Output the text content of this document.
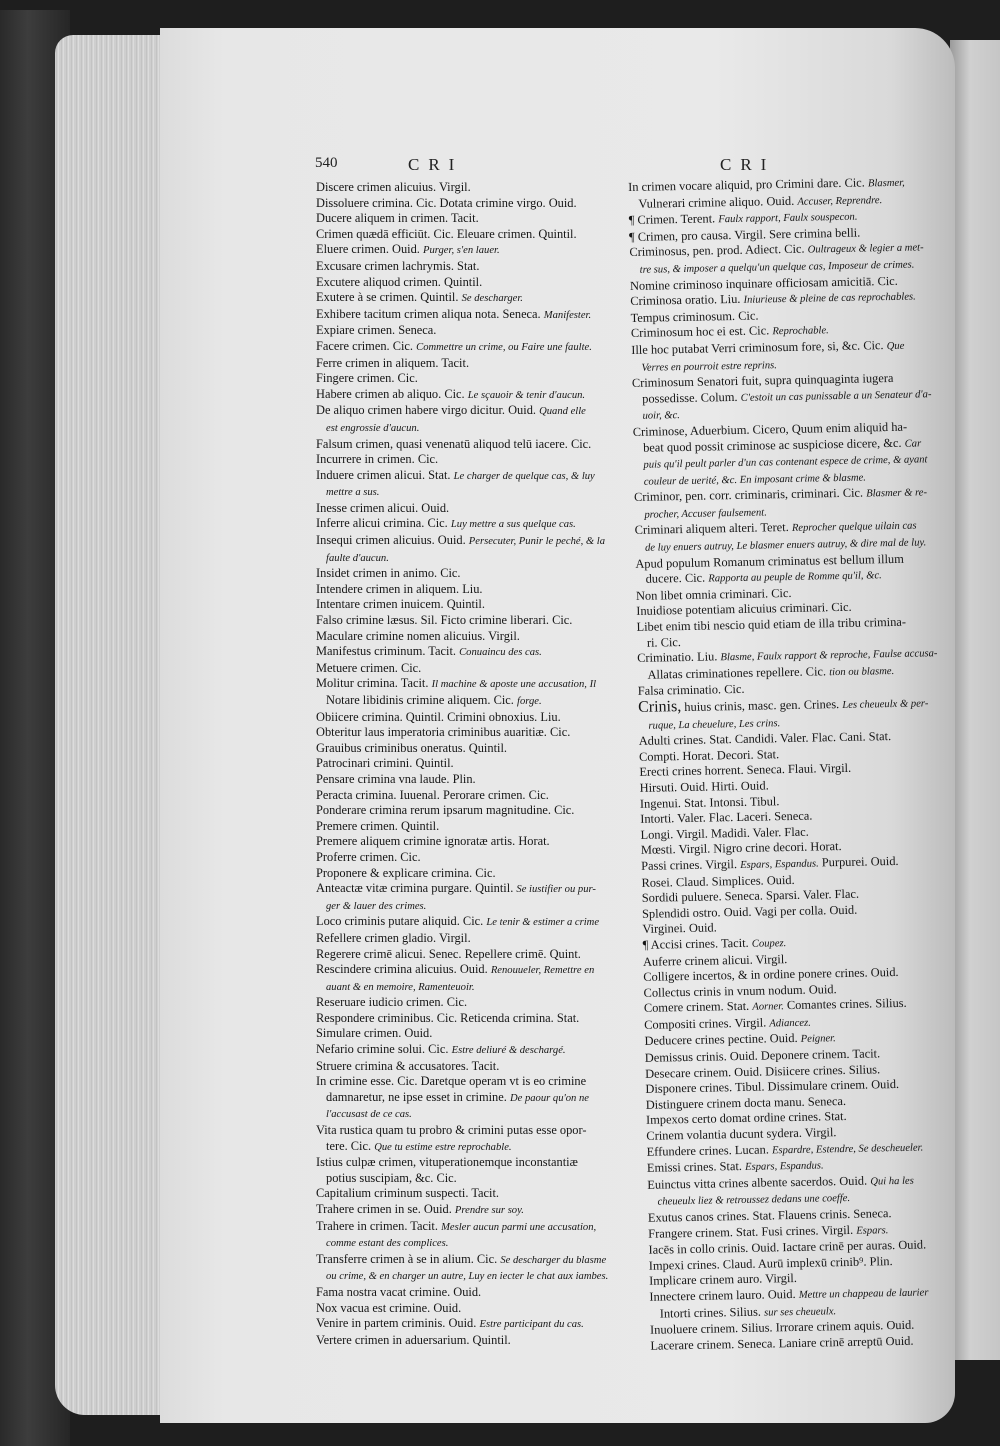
540	CRI	CRI
Discere crimen alicuius. Virgil.
Dissoluere crimina. Cic. Dotata crimine virgo. Ouid.
Ducere aliquem in crimen. Tacit.
Crimen quædā efficiūt. Cic. Eleuare crimen. Quintil.
Eluere crimen. Ouid. Purger, s'en lauer.
Excusare crimen lachrymis. Stat.
Excutere aliquod crimen. Quintil.
Exutere à se crimen. Quintil. Se descharger.
Exhibere tacitum crimen aliqua nota. Seneca. Manifester.
Expiare crimen. Seneca.
Facere crimen. Cic. Commettre un crime, ou Faire une faulte.
Ferre crimen in aliquem. Tacit.
Fingere crimen. Cic.
Habere crimen ab aliquo. Cic. Le sçauoir & tenir d'aucun.
De aliquo crimen habere virgo dicitur. Ouid. Quand elle
est engrossie d'aucun.
Falsum crimen, quasi venenatū aliquod telū iacere. Cic.
Incurrere in crimen. Cic.
Induere crimen alicui. Stat. Le charger de quelque cas, & luy
mettre a sus.
Inesse crimen alicui. Ouid.
Inferre alicui crimina. Cic. Luy mettre a sus quelque cas.
Insequi crimen alicuius. Ouid. Persecuter, Punir le peché, & la
faulte d'aucun.
Insidet crimen in animo. Cic.
Intendere crimen in aliquem. Liu.
Intentare crimen inuicem. Quintil.
Falso crimine læsus. Sil. Ficto crimine liberari. Cic.
Maculare crimine nomen alicuius. Virgil.
Manifestus criminum. Tacit. Conuaincu des cas.
Metuere crimen. Cic.
Molitur crimina. Tacit. Il machine & aposte une accusation, Il
Notare libidinis crimine aliquem. Cic. forge.
Obiicere crimina. Quintil. Crimini obnoxius. Liu.
Obteritur laus imperatoria criminibus auaritiæ. Cic.
Grauibus criminibus oneratus. Quintil.
Patrocinari crimini. Quintil.
Pensare crimina vna laude. Plin.
Peracta crimina. Iuuenal. Perorare crimen. Cic.
Ponderare crimina rerum ipsarum magnitudine. Cic.
Premere crimen. Quintil.
Premere aliquem crimine ignoratæ artis. Horat.
Proferre crimen. Cic.
Proponere & explicare crimina. Cic.
Anteactæ vitæ crimina purgare. Quintil. Se iustifier ou pur-
ger & lauer des crimes.
Loco criminis putare aliquid. Cic. Le tenir & estimer a crime
Refellere crimen gladio. Virgil.
Regerere crimē alicui. Senec. Repellere crimē. Quint.
Rescindere crimina alicuius. Ouid. Renouueler, Remettre en
auant & en memoire, Ramenteuoir.
Reseruare iudicio crimen. Cic.
Respondere criminibus. Cic. Reticenda crimina. Stat.
Simulare crimen. Ouid.
Nefario crimine solui. Cic. Estre deliuré & deschargé.
Struere crimina & accusatores. Tacit.
In crimine esse. Cic. Daretque operam vt is eo crimine
damnaretur, ne ipse esset in crimine. De paour qu'on ne
l'accusast de ce cas.
Vita rustica quam tu probro & crimini putas esse opor-
tere. Cic. Que tu estime estre reprochable.
Istius culpæ crimen, vituperationemque inconstantiæ
potius suscipiam, &c. Cic.
Capitalium criminum suspecti. Tacit.
Trahere crimen in se. Ouid. Prendre sur soy.
Trahere in crimen. Tacit. Mesler aucun parmi une accusation,
comme estant des complices.
Transferre crimen à se in alium. Cic. Se descharger du blasme
ou crime, & en charger un autre, Luy en iecter le chat aux iambes.
Fama nostra vacat crimine. Ouid.
Nox vacua est crimine. Ouid.
Venire in partem criminis. Ouid. Estre participant du cas.
Vertere crimen in aduersarium. Quintil.
In crimen vocare aliquid, pro Crimini dare. Cic. Blasmer,
Vulnerari crimine aliquo. Ouid. Accuser, Reprendre.
¶ Crimen. Terent. Faulx rapport, Faulx souspecon.
¶ Crimen, pro causa. Virgil. Sere crimina belli.
Criminosus, pen. prod. Adiect. Cic. Oultrageux & legier a met-
tre sus, & imposer a quelqu'un quelque cas, Imposeur de crimes.
Nomine criminoso inquinare officiosam amicitiā. Cic.
Criminosa oratio. Liu. Iniurieuse & pleine de cas reprochables.
Tempus criminosum. Cic.
Criminosum hoc ei est. Cic. Reprochable.
Ille hoc putabat Verri criminosum fore, si, &c. Cic. Que
Verres en pourroit estre reprins.
Criminosum Senatori fuit, supra quinquaginta iugera
possedisse. Colum. C'estoit un cas punissable a un Senateur d'a-
uoir, &c.
Criminose, Aduerbium. Cicero, Quum enim aliquid ha-
beat quod possit criminose ac suspiciose dicere, &c. Car
puis qu'il peult parler d'un cas contenant espece de crime, & ayant
couleur de uerité, &c. En imposant crime & blasme.
Criminor, pen. corr. criminaris, criminari. Cic. Blasmer & re-
procher, Accuser faulsement.
Criminari aliquem alteri. Teret. Reprocher quelque uilain cas
de luy enuers autruy, Le blasmer enuers autruy, & dire mal de luy.
Apud populum Romanum criminatus est bellum illum
ducere. Cic. Rapporta au peuple de Romme qu'il, &c.
Non libet omnia criminari. Cic.
Inuidiose potentiam alicuius criminari. Cic.
Libet enim tibi nescio quid etiam de illa tribu crimina-
ri. Cic.
Criminatio. Liu. Blasme, Faulx rapport & reproche, Faulse accusa-
Allatas criminationes repellere. Cic. tion ou blasme.
Falsa criminatio. Cic.
Crinis, huius crinis, masc. gen. Crines. Les cheueulx & per-
ruque, La cheuelure, Les crins.
Adulti crines. Stat. Candidi. Valer. Flac. Cani. Stat.
Compti. Horat. Decori. Stat.
Erecti crines horrent. Seneca. Flaui. Virgil.
Hirsuti. Ouid. Hirti. Ouid.
Ingenui. Stat. Intonsi. Tibul.
Intorti. Valer. Flac. Laceri. Seneca.
Longi. Virgil. Madidi. Valer. Flac.
Mœsti. Virgil. Nigro crine decori. Horat.
Passi crines. Virgil. Espars, Espandus. Purpurei. Ouid.
Rosei. Claud. Simplices. Ouid.
Sordidi puluere. Seneca. Sparsi. Valer. Flac.
Splendidi ostro. Ouid. Vagi per colla. Ouid.
Virginei. Ouid.
¶ Accisi crines. Tacit. Coupez.
Auferre crinem alicui. Virgil.
Colligere incertos, & in ordine ponere crines. Ouid.
Collectus crinis in vnum nodum. Ouid.
Comere crinem. Stat. Aorner. Comantes crines. Silius.
Compositi crines. Virgil. Adiancez.
Deducere crines pectine. Ouid. Peigner.
Demissus crinis. Ouid. Deponere crinem. Tacit.
Desecare crinem. Ouid. Disiicere crines. Silius.
Disponere crines. Tibul. Dissimulare crinem. Ouid.
Distinguere crinem docta manu. Seneca.
Impexos certo domat ordine crines. Stat.
Crinem volantia ducunt sydera. Virgil.
Effundere crines. Lucan. Espardre, Estendre, Se descheueler.
Emissi crines. Stat. Espars, Espandus.
Euinctus vitta crines albente sacerdos. Ouid. Qui ha les
cheueulx liez & retroussez dedans une coeffe.
Exutus canos crines. Stat. Flauens crinis. Seneca.
Frangere crinem. Stat. Fusi crines. Virgil. Espars.
Iacēs in collo crinis. Ouid. Iactare crinē per auras. Ouid.
Impexi crines. Claud. Aurū implexū crinib⁹. Plin.
Implicare crinem auro. Virgil.
Innectere crinem lauro. Ouid. Mettre un chappeau de laurier
Intorti crines. Silius. sur ses cheueulx.
Inuoluere crinem. Silius. Irrorare crinem aquis. Ouid.
Lacerare crinem. Seneca. Laniare crinē arreptū Ouid.
